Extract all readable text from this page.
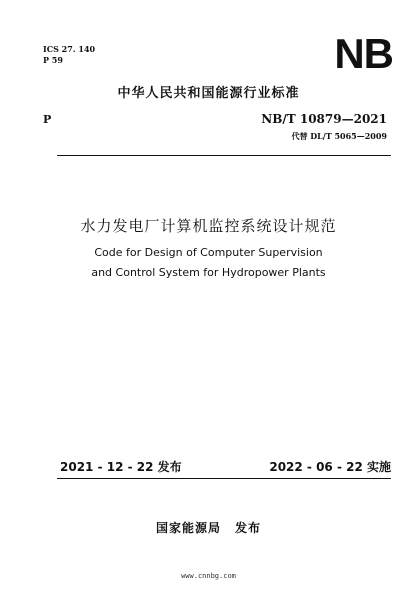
ICS 27. 140
P 59	NB
中华人民共和国能源行业标准
P	NB/T 10879—2021
代替 DL/T 5065—2009
水力发电厂计算机监控系统设计规范
Code for Design of Computer Supervision
and Control System for Hydropower Plants
2021 - 12 - 22 发布	2022 - 06 - 22 实施
国家能源局 发布
www.cnnbg.com
